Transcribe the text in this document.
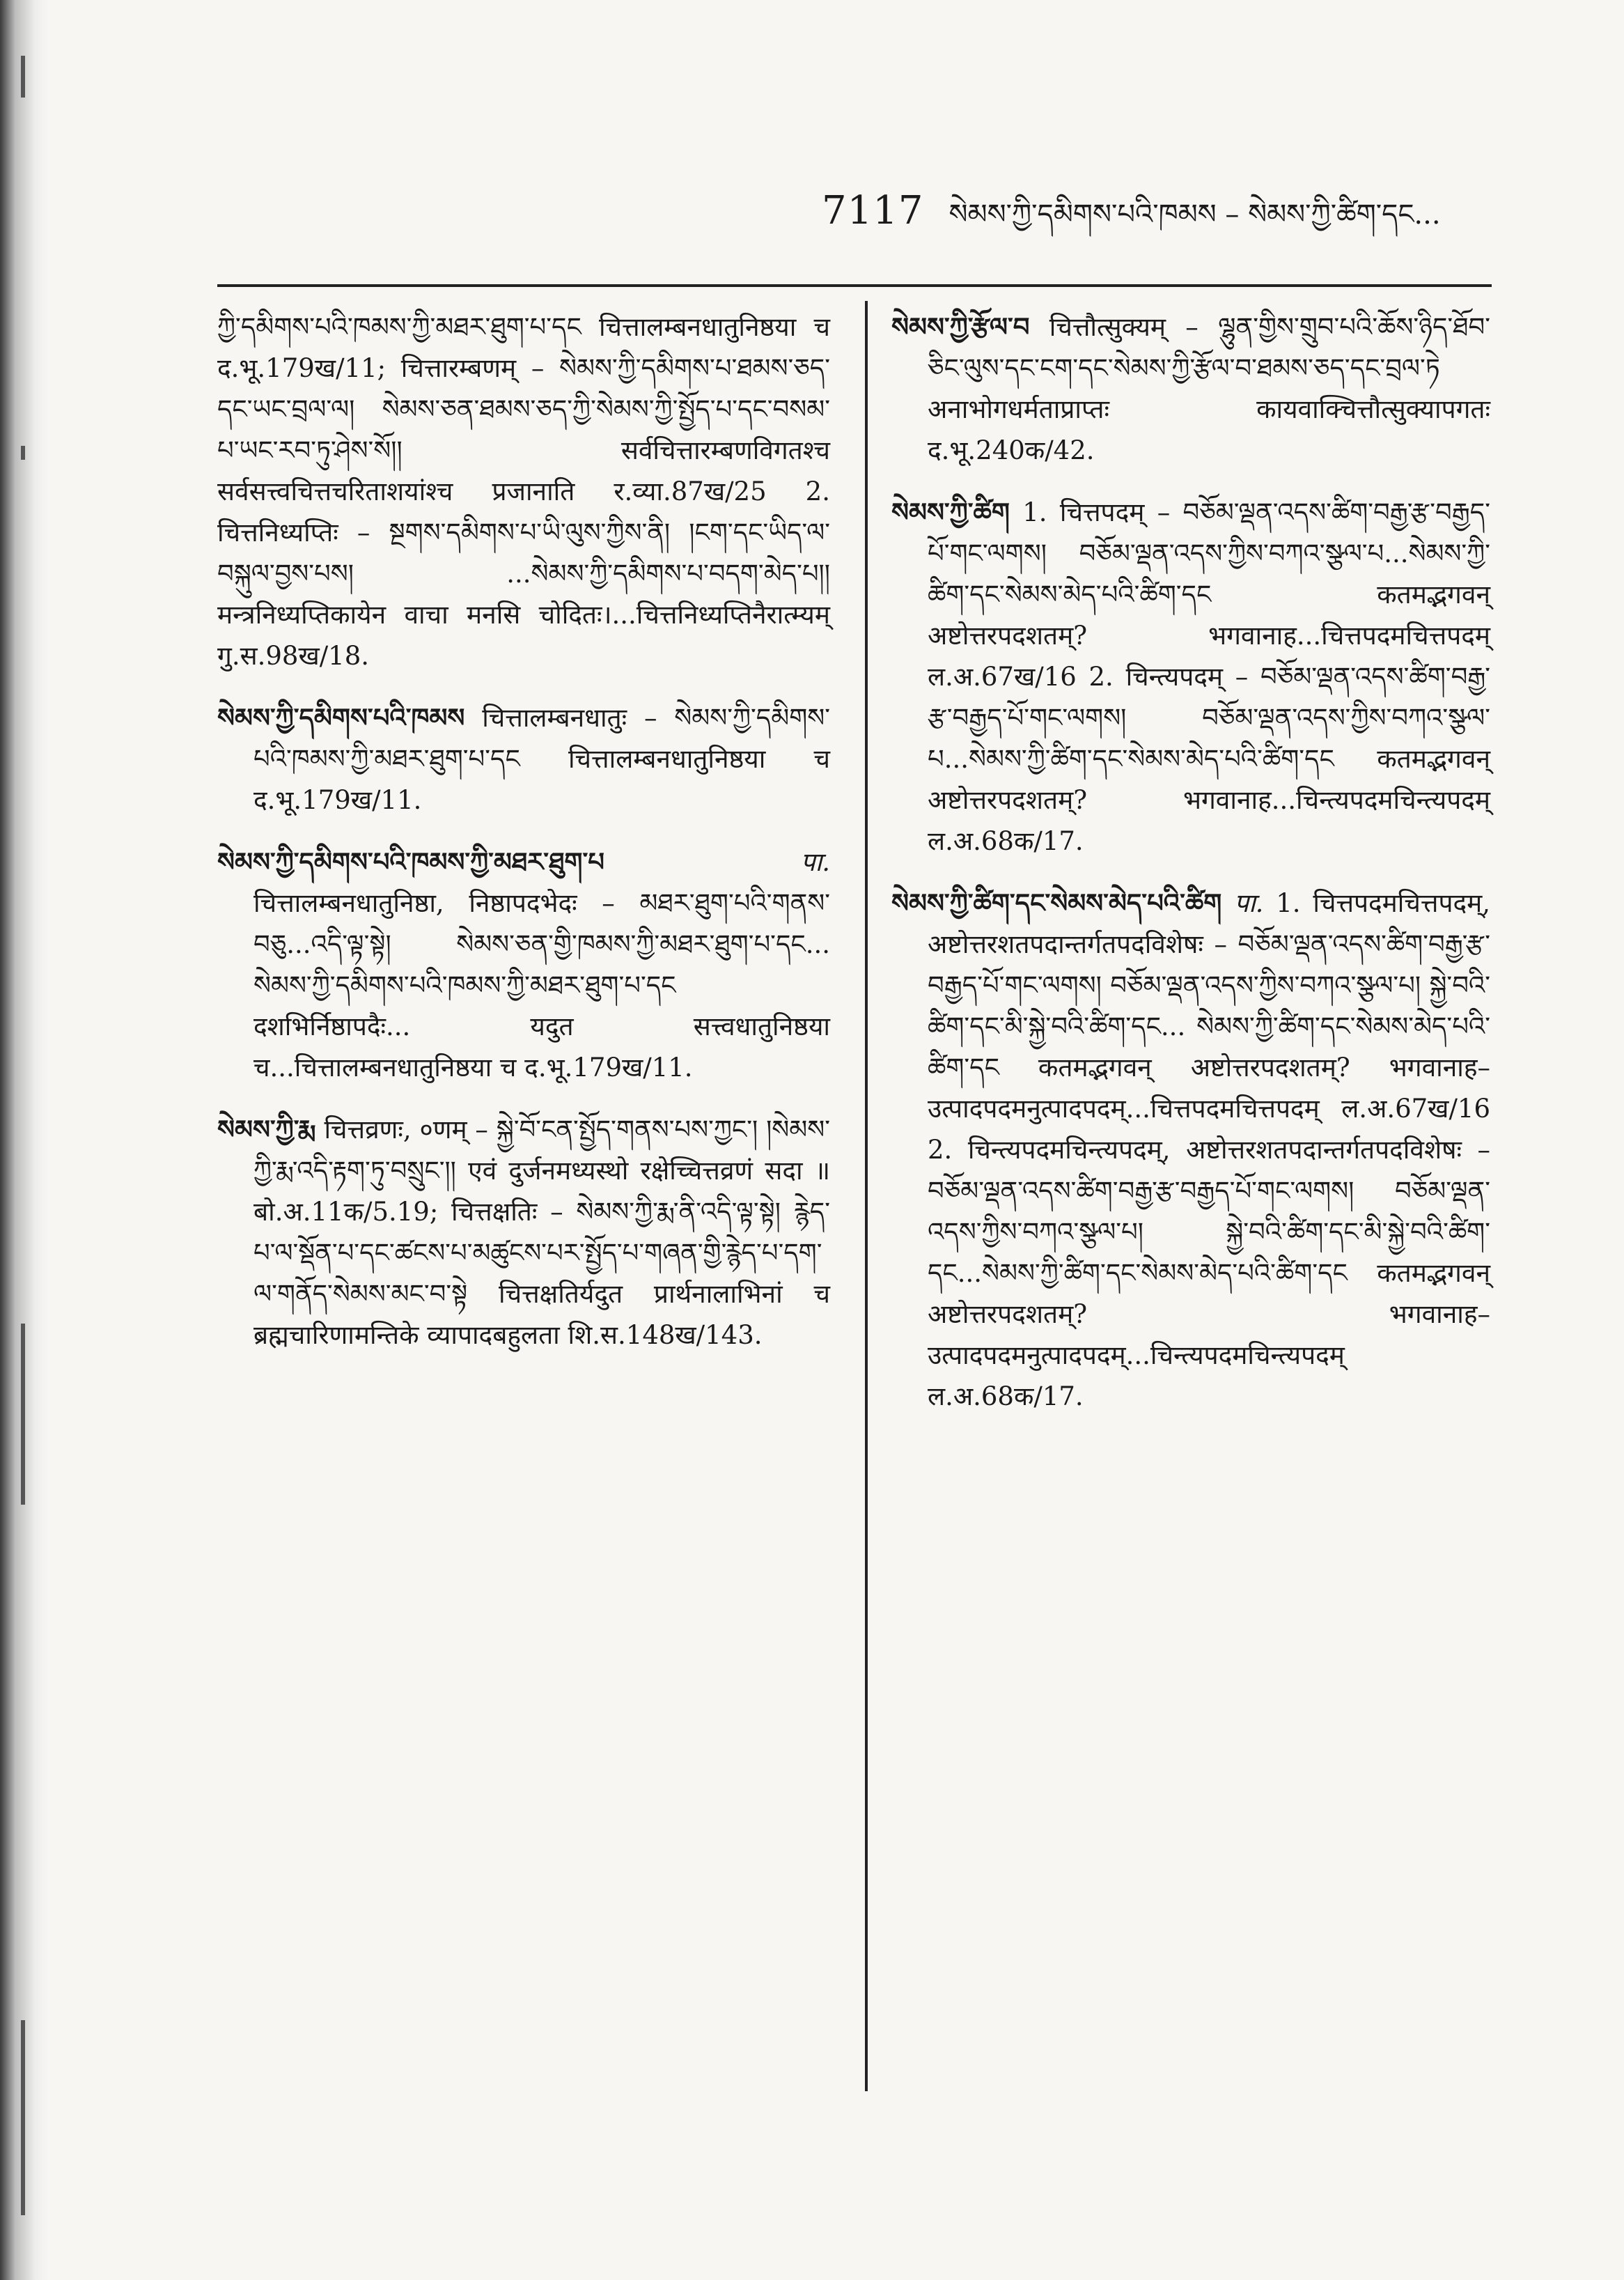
7117 སེམས་ཀྱི་དམིགས་པའི་ཁམས – སེམས་ཀྱི་ཚིག་དང...

ཀྱི་དམིགས་པའི་ཁམས་ཀྱི་མཐར་ཐུག་པ་དང चित्तालम्बनधातुनिष्ठया च द.भू.179ख/11; चित्तारम्बणम् – སེམས་ཀྱི་དམིགས་པ་ཐམས་ཅད་དང་ཡང་བྲལ་ལ། སེམས་ཅན་ཐམས་ཅད་ཀྱི་སེམས་ཀྱི་སྤྱོད་པ་དང་བསམ་པ་ཡང་རབ་ཏུ་ཤེས་སོ།། सर्वचित्तारम्बणविगतश्च सर्वसत्त्वचित्तचरिताशयांश्च प्रजानाति र.व्या.87ख/25 2. चित्तनिध्यप्तिः – སྔགས་དམིགས་པ་ཡི་ལུས་ཀྱིས་ནི། །ངག་དང་ཡིད་ལ་བསྐུལ་བྱས་པས། ...སེམས་ཀྱི་དམིགས་པ་བདག་མེད་པ།། मन्त्रनिध्यप्तिकायेन वाचा मनसि चोदितः।...चित्तनिध्यप्तिनैरात्म्यम् गु.स.98ख/18.

སེམས་ཀྱི་དམིགས་པའི་ཁམས चित्तालम्बनधातुः – སེམས་ཀྱི་དམིགས་པའི་ཁམས་ཀྱི་མཐར་ཐུག་པ་དང चित्तालम्बनधातुनिष्ठया च द.भू.179ख/11.

སེམས་ཀྱི་དམིགས་པའི་ཁམས་ཀྱི་མཐར་ཐུག་པ	पा. चित्तालम्बनधातुनिष्ठा, निष्ठापदभेदः – མཐར་ཐུག་པའི་གནས་བཅུ...འདི་ལྟ་སྟེ། སེམས་ཅན་གྱི་ཁམས་ཀྱི་མཐར་ཐུག་པ་དང... སེམས་ཀྱི་དམིགས་པའི་ཁམས་ཀྱི་མཐར་ཐུག་པ་དང दशभिर्निष्ठापदैः... यदुत सत्त्वधातुनिष्ठया च...चित्तालम्बनधातुनिष्ठया च द.भू.179ख/11.

སེམས་ཀྱི་རྨ चित्तव्रणः, ०णम् – སྐྱེ་བོ་ངན་སྤྱོད་གནས་པས་ཀྱང་། །སེམས་ཀྱི་རྨ་འདི་རྟག་ཏུ་བསྲུང་།། एवं दुर्जनमध्यस्थो रक्षेच्चित्तव्रणं सदा ॥ बो.अ.11क/5.19; चित्तक्षतिः – སེམས་ཀྱི་རྨ་ནི་འདི་ལྟ་སྟེ། རྙེད་པ་ལ་སྡོན་པ་དང་ཚངས་པ་མཚུངས་པར་སྤྱོད་པ་གཞན་གྱི་རྙེད་པ་དག་ལ་གནོད་སེམས་མང་བ་སྟེ चित्तक्षतिर्यदुत प्रार्थनालाभिनां च ब्रह्मचारिणामन्तिके व्यापादबहुलता शि.स.148ख/143.

སེམས་ཀྱི་རྩོལ་བ चित्तौत्सुक्यम् – ལྷུན་གྱིས་གྲུབ་པའི་ཆོས་ཉིད་ཐོབ་ཅིང་ལུས་དང་ངག་དང་སེམས་ཀྱི་རྩོལ་བ་ཐམས་ཅད་དང་བྲལ་ཏེ अनाभोगधर्मताप्राप्तः कायवाक्चित्तौत्सुक्यापगतः द.भू.240क/42.

སེམས་ཀྱི་ཚིག 1. चित्तपदम् – བཅོམ་ལྡན་འདས་ཚིག་བརྒྱ་རྩ་བརྒྱད་པོ་གང་ལགས། བཅོམ་ལྡན་འདས་ཀྱིས་བཀའ་སྩལ་པ...སེམས་ཀྱི་ཚིག་དང་སེམས་མེད་པའི་ཚིག་དང कतमद्भगवन् अष्टोत्तरपदशतम्? भगवानाह...चित्तपदमचित्तपदम् ल.अ.67ख/16 2. चिन्त्यपदम् – བཅོམ་ལྡན་འདས་ཚིག་བརྒྱ་རྩ་བརྒྱད་པོ་གང་ལགས། བཅོམ་ལྡན་འདས་ཀྱིས་བཀའ་སྩལ་པ...སེམས་ཀྱི་ཚིག་དང་སེམས་མེད་པའི་ཚིག་དང कतमद्भगवन् अष्टोत्तरपदशतम्? भगवानाह...चिन्त्यपदमचिन्त्यपदम् ल.अ.68क/17.

སེམས་ཀྱི་ཚིག་དང་སེམས་མེད་པའི་ཚིག पा. 1. चित्तपदमचित्तपदम्, अष्टोत्तरशतपदान्तर्गतपदविशेषः – བཅོམ་ལྡན་འདས་ཚིག་བརྒྱ་རྩ་བརྒྱད་པོ་གང་ལགས། བཅོམ་ལྡན་འདས་ཀྱིས་བཀའ་སྩལ་པ། སྐྱེ་བའི་ཚིག་དང་མི་སྐྱེ་བའི་ཚིག་དང... སེམས་ཀྱི་ཚིག་དང་སེམས་མེད་པའི་ཚིག་དང कतमद्भगवन् अष्टोत्तरपदशतम्? भगवानाह–उत्पादपदमनुत्पादपदम्...चित्तपदमचित्तपदम् ल.अ.67ख/16 2. चिन्त्यपदमचिन्त्यपदम्, अष्टोत्तरशतपदान्तर्गतपदविशेषः – བཅོམ་ལྡན་འདས་ཚིག་བརྒྱ་རྩ་བརྒྱད་པོ་གང་ལགས། བཅོམ་ལྡན་འདས་ཀྱིས་བཀའ་སྩལ་པ། སྐྱེ་བའི་ཚིག་དང་མི་སྐྱེ་བའི་ཚིག་དང...སེམས་ཀྱི་ཚིག་དང་སེམས་མེད་པའི་ཚིག་དང कतमद्भगवन् अष्टोत्तरपदशतम्? भगवानाह–उत्पादपदमनुत्पादपदम्...चिन्त्यपदमचिन्त्यपदम् ल.अ.68क/17.
